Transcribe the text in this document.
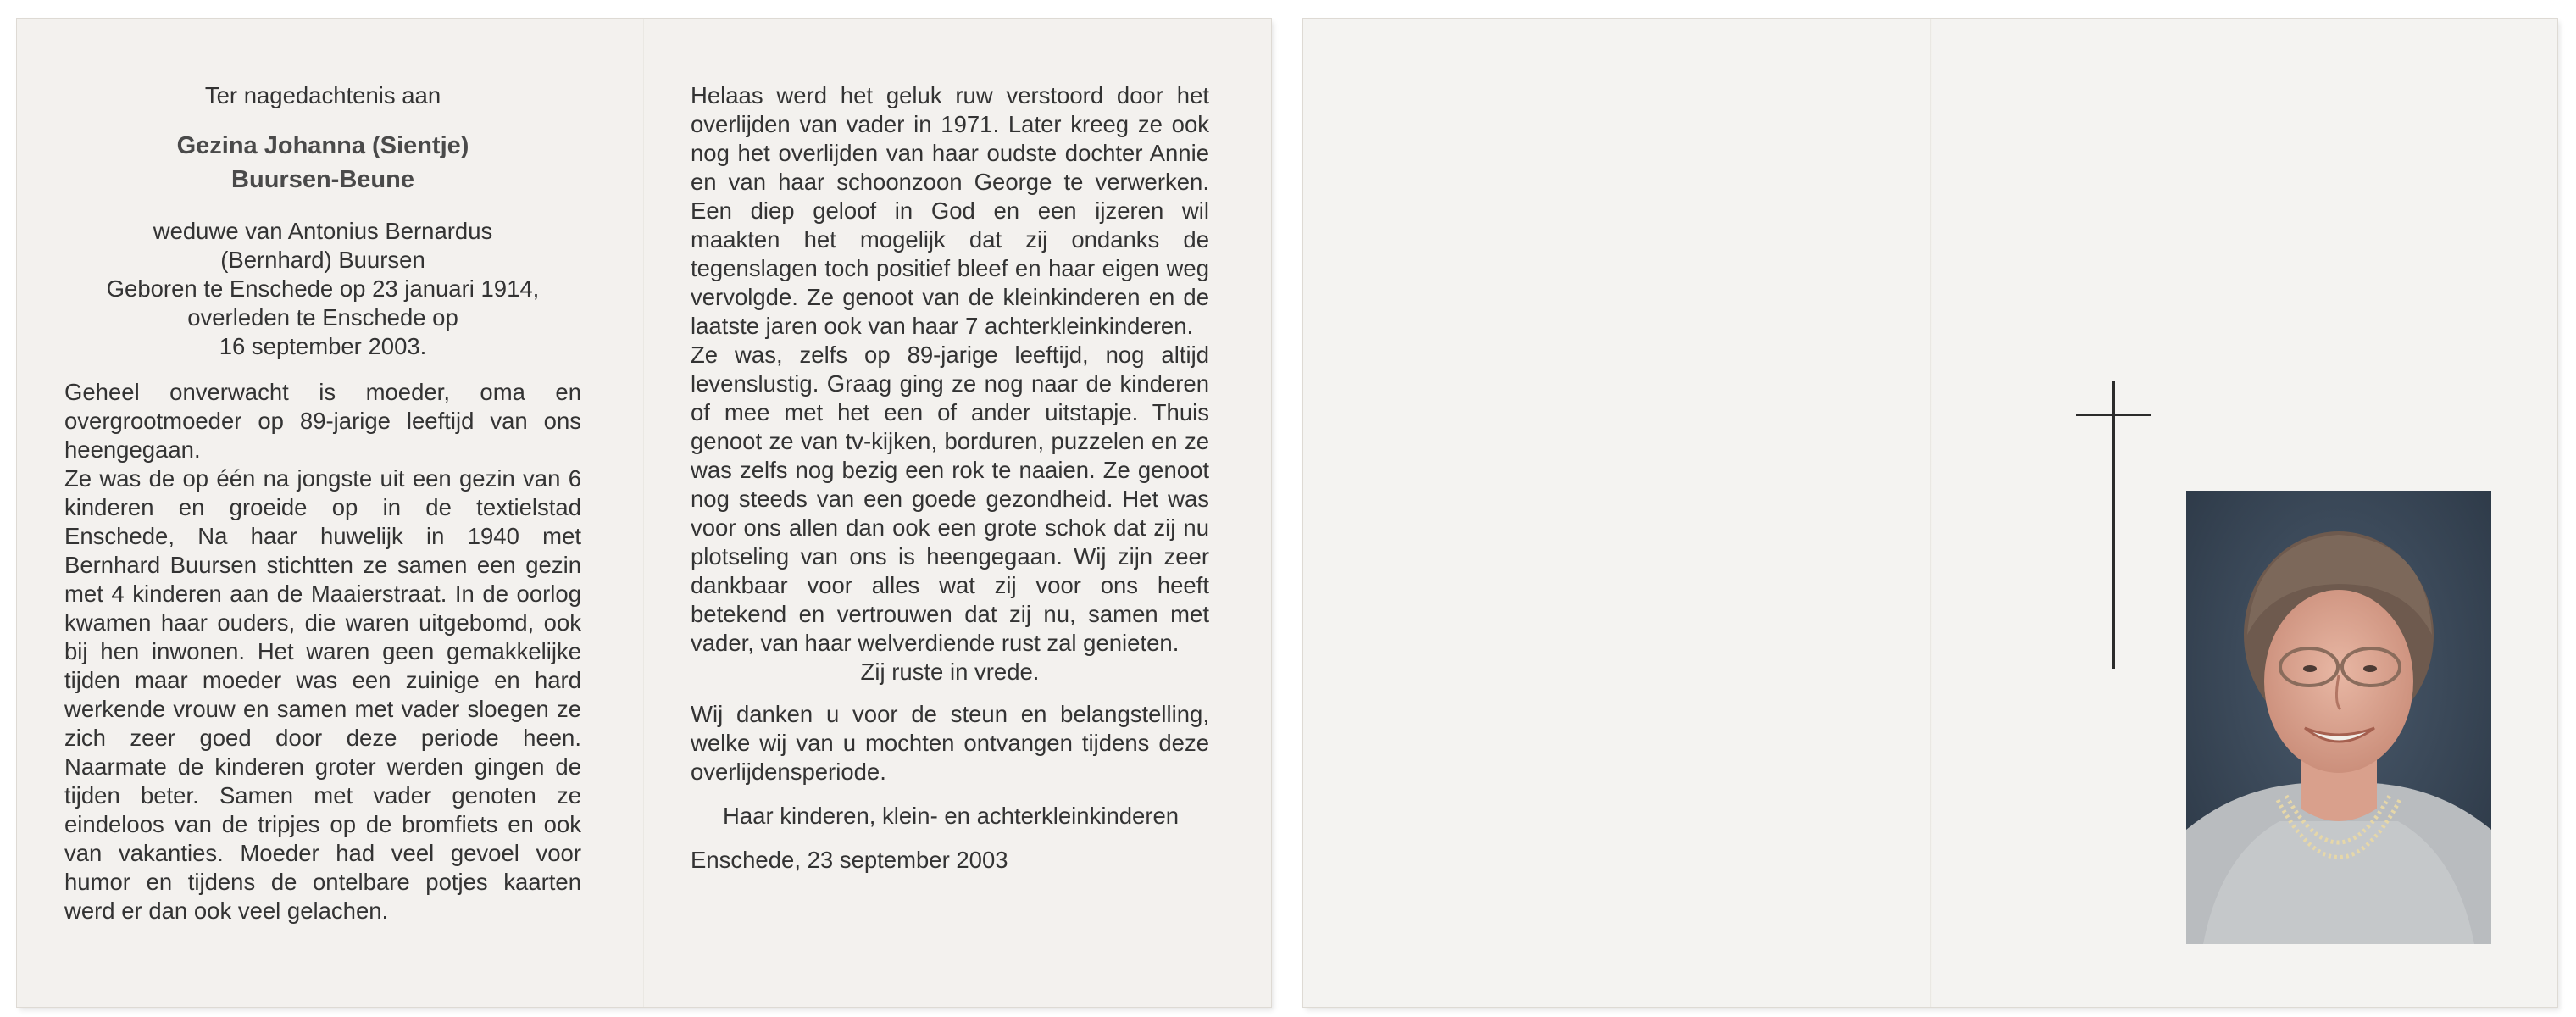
Ter nagedachtenis aan
Gezina Johanna (Sientje)
Buursen-Beune
weduwe van Antonius Bernardus
(Bernhard) Buursen
Geboren te Enschede op 23 januari 1914,
overleden te Enschede op
16 september 2003.

Geheel onverwacht is moeder, oma en overgrootmoeder op 89-jarige leeftijd van ons heengegaan.

Ze was de op één na jongste uit een gezin van 6 kinderen en groeide op in de textielstad Enschede, Na haar huwelijk in 1940 met Bernhard Buursen stichtten ze samen een gezin met 4 kinderen aan de Maaierstraat. In de oorlog kwamen haar ouders, die waren uitgebomd, ook bij hen inwonen. Het waren geen gemakkelijke tijden maar moeder was een zuinige en hard werkende vrouw en samen met vader sloegen ze zich zeer goed door deze periode heen. Naarmate de kinderen groter werden gingen de tijden beter. Samen met vader genoten ze eindeloos van de tripjes op de bromfiets en ook van vakanties. Moeder had veel gevoel voor humor en tijdens de ontelbare potjes kaarten werd er dan ook veel gelachen.

Helaas werd het geluk ruw verstoord door het overlijden van vader in 1971. Later kreeg ze ook nog het overlijden van haar oudste dochter Annie en van haar schoonzoon George te verwerken. Een diep geloof in God en een ijzeren wil maakten het mogelijk dat zij ondanks de tegenslagen toch positief bleef en haar eigen weg vervolgde. Ze genoot van de kleinkinderen en de laatste jaren ook van haar 7 achterkleinkinderen.

Ze was, zelfs op 89-jarige leeftijd, nog altijd levenslustig. Graag ging ze nog naar de kinderen of mee met het een of ander uitstapje. Thuis genoot ze van tv-kijken, borduren, puzzelen en ze was zelfs nog bezig een rok te naaien. Ze genoot nog steeds van een goede gezondheid. Het was voor ons allen dan ook een grote schok dat zij nu plotseling van ons is heengegaan. Wij zijn zeer dankbaar voor alles wat zij voor ons heeft betekend en vertrouwen dat zij nu, samen met vader, van haar welverdiende rust zal genieten.

Zij ruste in vrede.

Wij danken u voor de steun en belangstelling, welke wij van u mochten ontvangen tijdens deze overlijdensperiode.

Haar kinderen, klein- en achterkleinkinderen
Enschede, 23 september 2003
